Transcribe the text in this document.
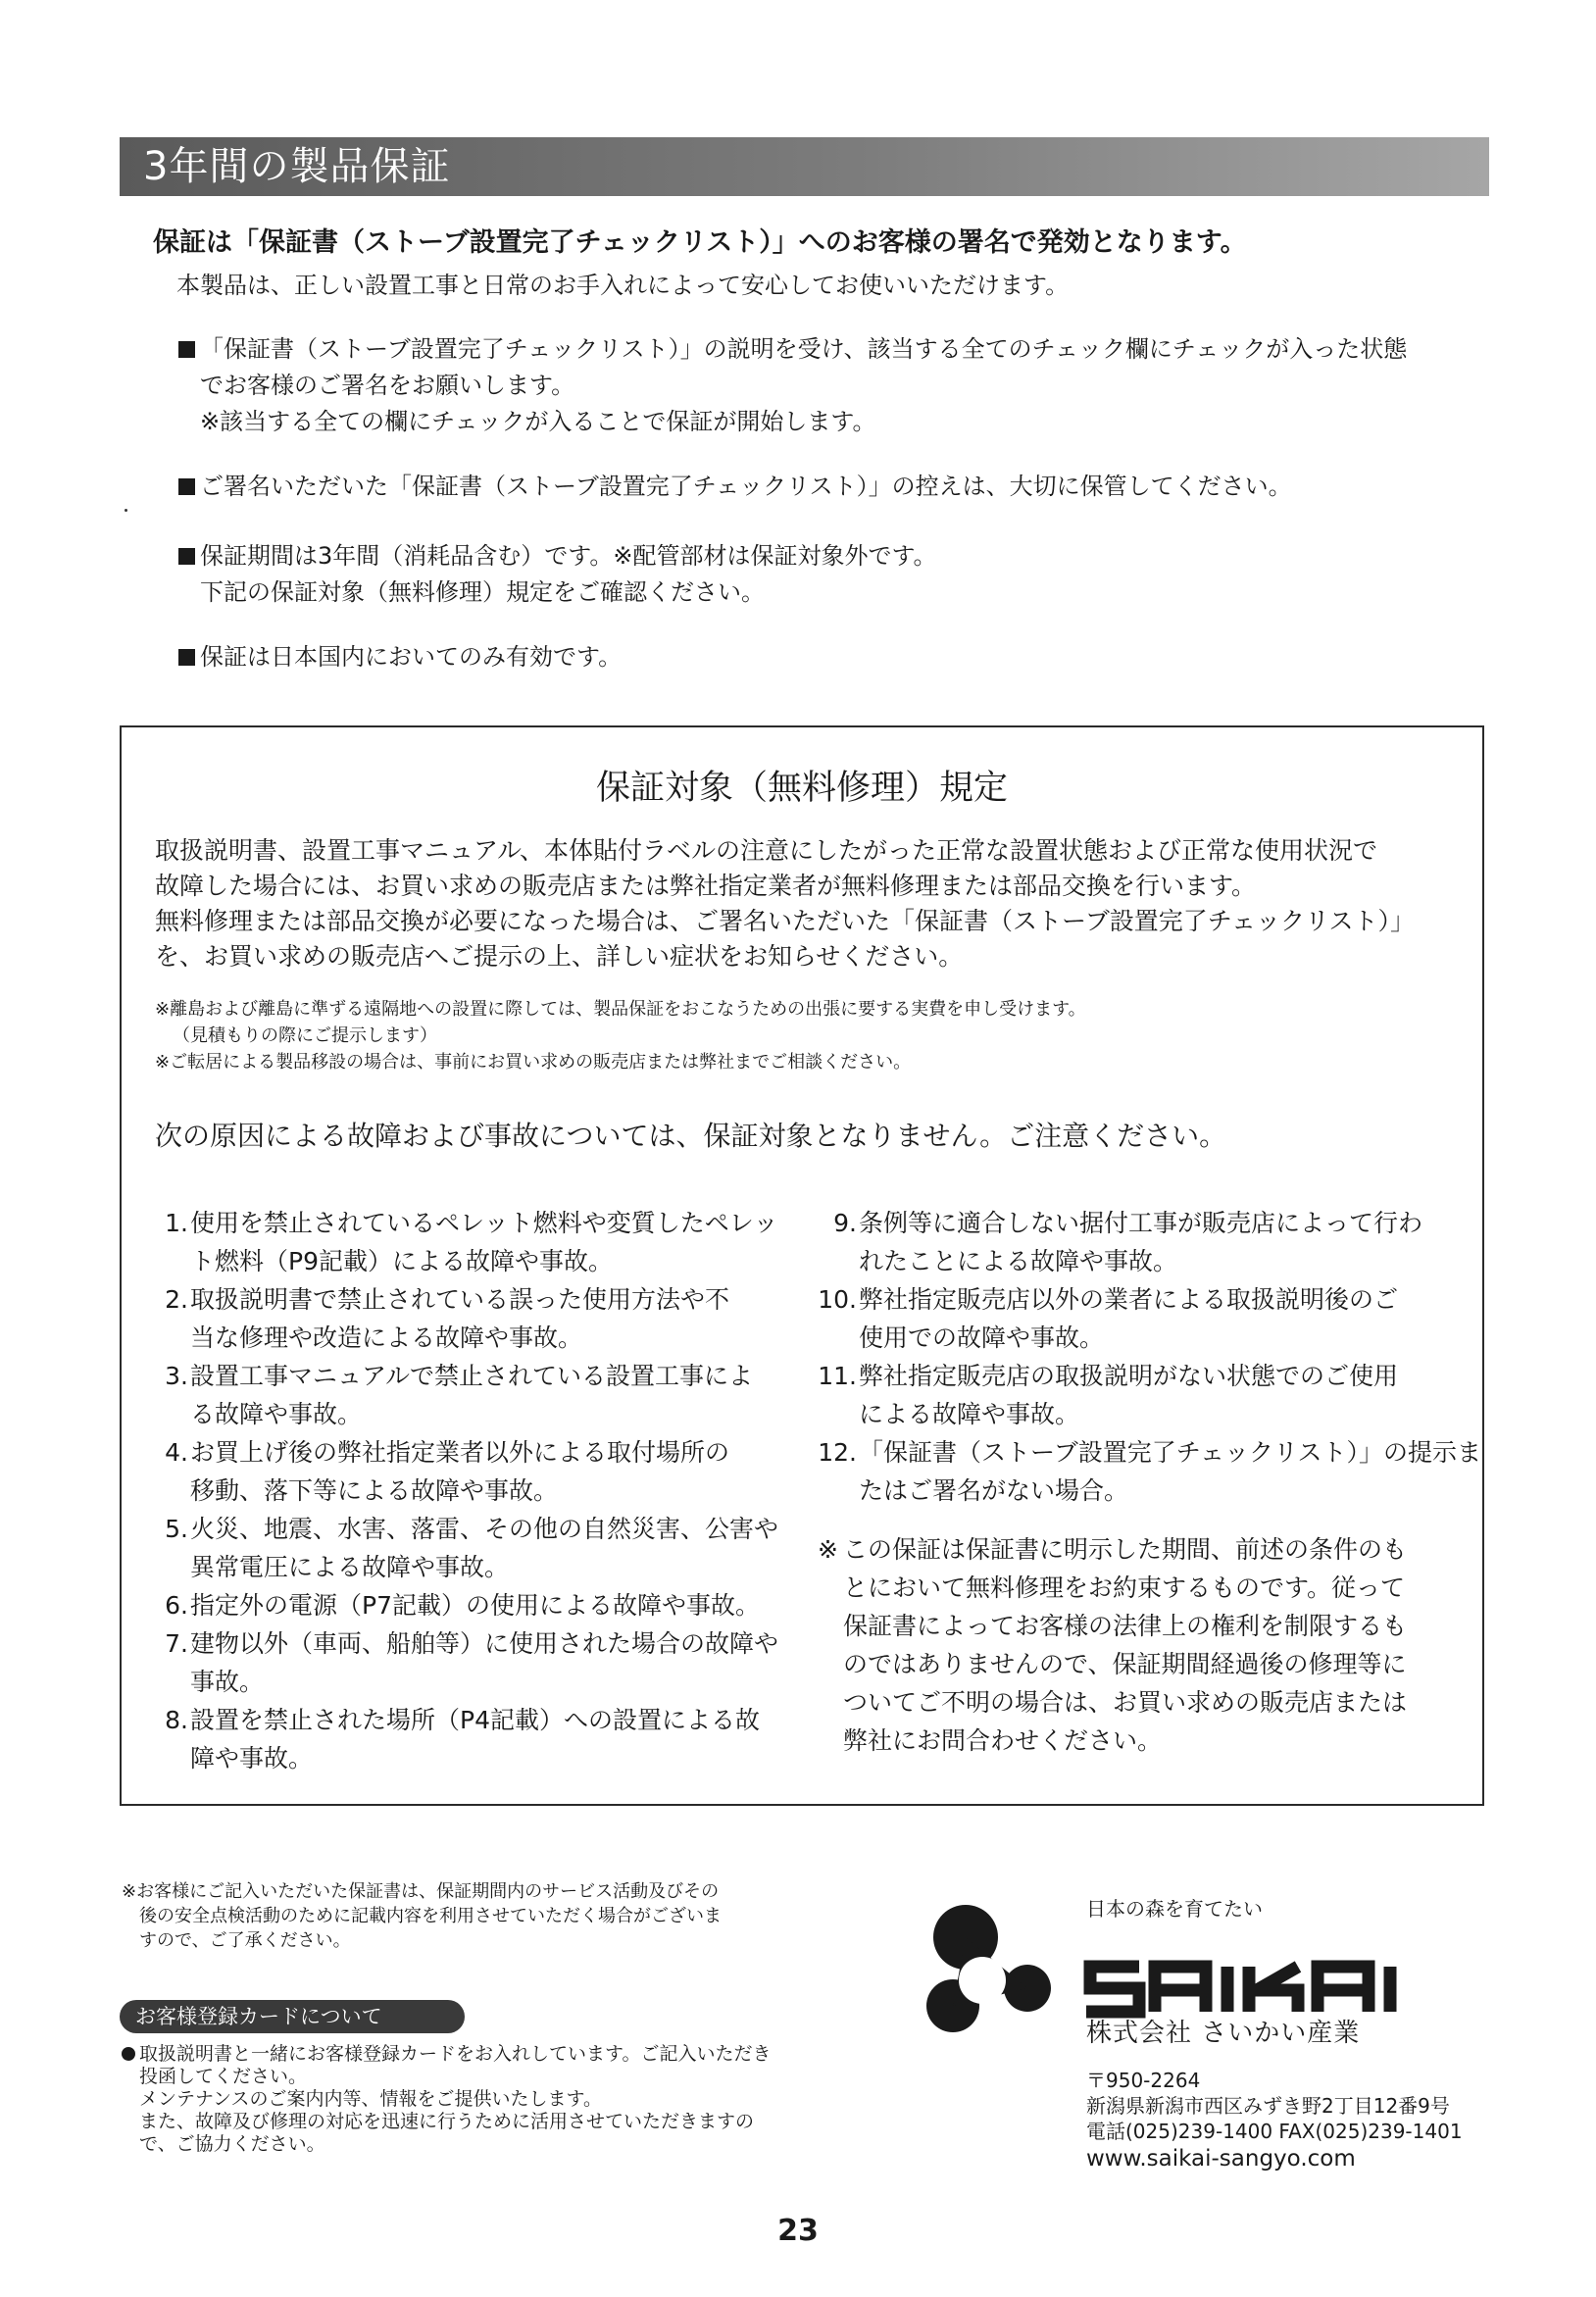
3年間の製品保証
保証は「保証書（ストーブ設置完了チェックリスト）」へのお客様の署名で発効となります。
本製品は、正しい設置工事と日常のお手入れによって安心してお使いいただけます。
「保証書（ストーブ設置完了チェックリスト）」の説明を受け、該当する全てのチェック欄にチェックが入った状態
でお客様のご署名をお願いします。
※該当する全ての欄にチェックが入ることで保証が開始します。
ご署名いただいた「保証書（ストーブ設置完了チェックリスト）」の控えは、大切に保管してください。
保証期間は3年間（消耗品含む）です。※配管部材は保証対象外です。
下記の保証対象（無料修理）規定をご確認ください。
保証は日本国内においてのみ有効です。
保証対象（無料修理）規定
取扱説明書、設置工事マニュアル、本体貼付ラベルの注意にしたがった正常な設置状態および正常な使用状況で
故障した場合には、お買い求めの販売店または弊社指定業者が無料修理または部品交換を行います。
無料修理または部品交換が必要になった場合は、ご署名いただいた「保証書（ストーブ設置完了チェックリスト）」
を、お買い求めの販売店へご提示の上、詳しい症状をお知らせください。
※離島および離島に準ずる遠隔地への設置に際しては、製品保証をおこなうための出張に要する実費を申し受けます。
（見積もりの際にご提示します）
※ご転居による製品移設の場合は、事前にお買い求めの販売店または弊社までご相談ください。
次の原因による故障および事故については、保証対象となりません。ご注意ください。
1. 使用を禁止されているペレット燃料や変質したペレッ
ト燃料（P9記載）による故障や事故。
2. 取扱説明書で禁止されている誤った使用方法や不
当な修理や改造による故障や事故。
3. 設置工事マニュアルで禁止されている設置工事によ
る故障や事故。
4. お買上げ後の弊社指定業者以外による取付場所の
移動、落下等による故障や事故。
5. 火災、地震、水害、落雷、その他の自然災害、公害や
異常電圧による故障や事故。
6. 指定外の電源（P7記載）の使用による故障や事故。
7. 建物以外（車両、船舶等）に使用された場合の故障や
事故。
8. 設置を禁止された場所（P4記載）への設置による故
障や事故。
9. 条例等に適合しない据付工事が販売店によって行わ
れたことによる故障や事故。
10. 弊社指定販売店以外の業者による取扱説明後のご
使用での故障や事故。
11. 弊社指定販売店の取扱説明がない状態でのご使用
による故障や事故。
12. 「保証書（ストーブ設置完了チェックリスト）」の提示ま
たはご署名がない場合。
※ この保証は保証書に明示した期間、前述の条件のも
とにおいて無料修理をお約束するものです。従って
保証書によってお客様の法律上の権利を制限するも
のではありませんので、保証期間経過後の修理等に
ついてご不明の場合は、お買い求めの販売店または
弊社にお問合わせください。
※お客様にご記入いただいた保証書は、保証期間内のサービス活動及びその
後の安全点検活動のために記載内容を利用させていただく場合がございま
すので、ご了承ください。
お客様登録カードについて
取扱説明書と一緒にお客様登録カードをお入れしています。ご記入いただき
投函してください。
メンテナンスのご案内内等、情報をご提供いたします。
また、故障及び修理の対応を迅速に行うために活用させていただきますの
で、ご協力ください。
SAIKAI
日本の森を育てたい
株式会社 さいかい産業
〒950-2264
新潟県新潟市西区みずき野2丁目12番9号
電話(025)239-1400 FAX(025)239-1401
www.saikai-sangyo.com
23
